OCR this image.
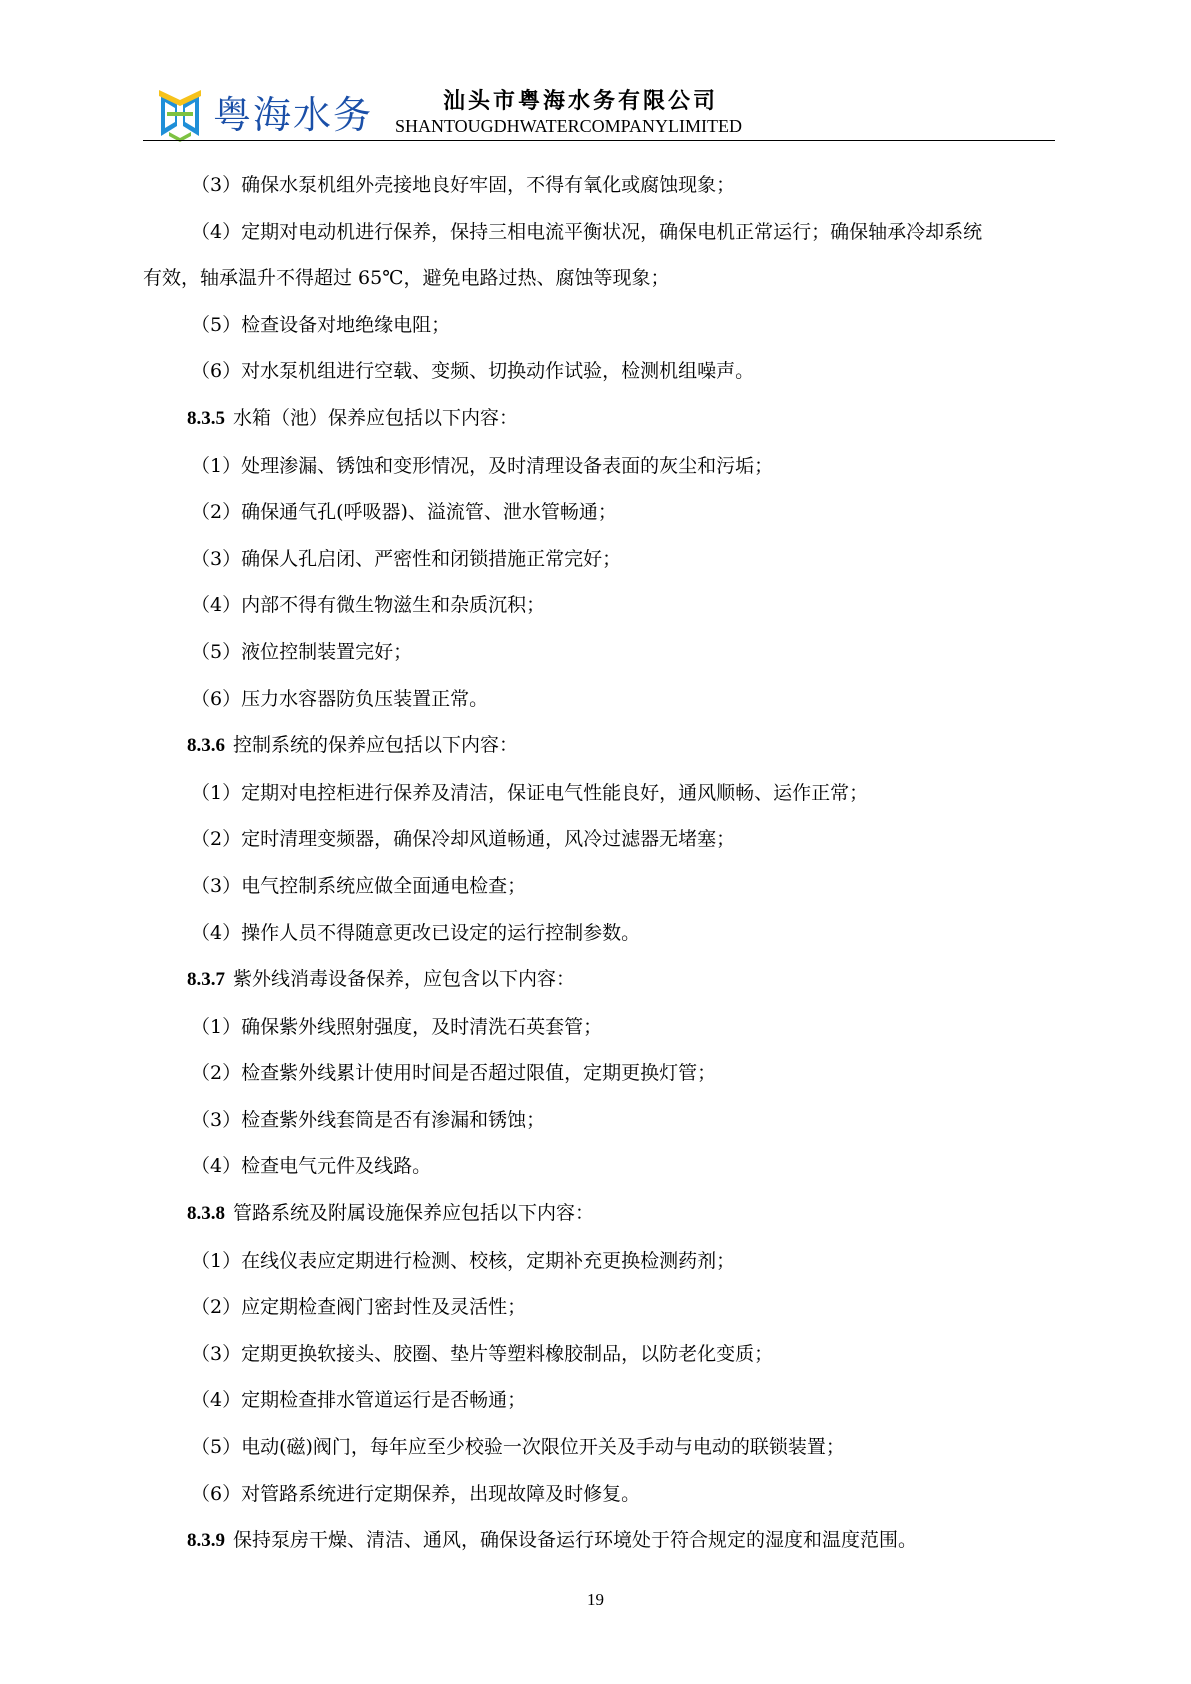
粤海水务	汕头市粤海水务有限公司
SHANTOUGDHWATERCOMPANYLIMITED
（3）确保水泵机组外壳接地良好牢固，不得有氧化或腐蚀现象；
（4）定期对电动机进行保养，保持三相电流平衡状况，确保电机正常运行；确保轴承冷却系统
有效，轴承温升不得超过 65℃，避免电路过热、腐蚀等现象；
（5）检查设备对地绝缘电阻；
（6）对水泵机组进行空载、变频、切换动作试验，检测机组噪声。
8.3.5 水箱（池）保养应包括以下内容：
（1）处理渗漏、锈蚀和变形情况，及时清理设备表面的灰尘和污垢；
（2）确保通气孔(呼吸器)、溢流管、泄水管畅通；
（3）确保人孔启闭、严密性和闭锁措施正常完好；
（4）内部不得有微生物滋生和杂质沉积；
（5）液位控制装置完好；
（6）压力水容器防负压装置正常。
8.3.6 控制系统的保养应包括以下内容：
（1）定期对电控柜进行保养及清洁，保证电气性能良好，通风顺畅、运作正常；
（2）定时清理变频器，确保冷却风道畅通，风冷过滤器无堵塞；
（3）电气控制系统应做全面通电检查；
（4）操作人员不得随意更改已设定的运行控制参数。
8.3.7 紫外线消毒设备保养，应包含以下内容：
（1）确保紫外线照射强度，及时清洗石英套管；
（2）检查紫外线累计使用时间是否超过限值，定期更换灯管；
（3）检查紫外线套筒是否有渗漏和锈蚀；
（4）检查电气元件及线路。
8.3.8 管路系统及附属设施保养应包括以下内容：
（1）在线仪表应定期进行检测、校核，定期补充更换检测药剂；
（2）应定期检查阀门密封性及灵活性；
（3）定期更换软接头、胶圈、垫片等塑料橡胶制品，以防老化变质；
（4）定期检查排水管道运行是否畅通；
（5）电动(磁)阀门，每年应至少校验一次限位开关及手动与电动的联锁装置；
（6）对管路系统进行定期保养，出现故障及时修复。
8.3.9 保持泵房干燥、清洁、通风，确保设备运行环境处于符合规定的湿度和温度范围。
19
